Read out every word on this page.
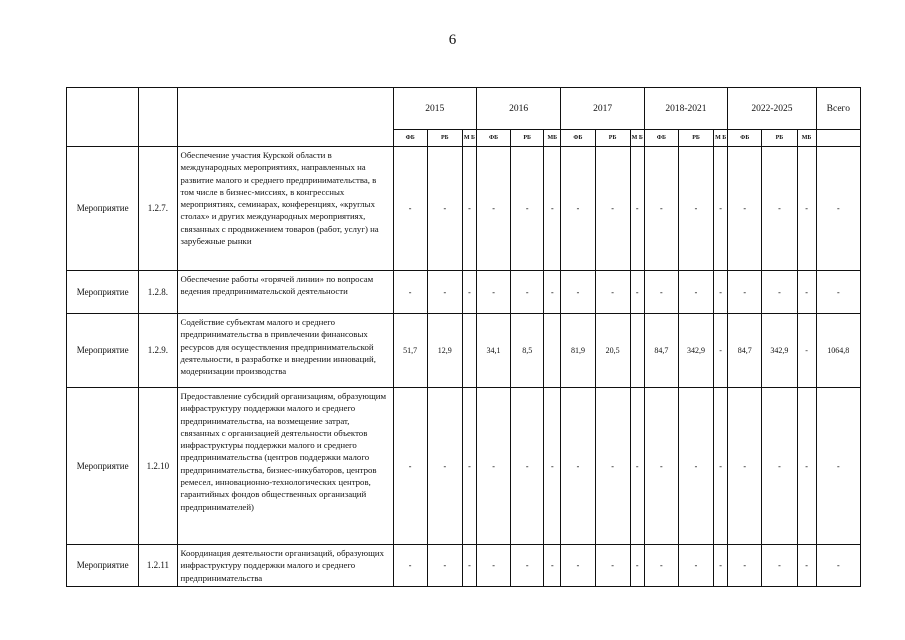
6
			2015			2016			2017			2018-2021			2022-2025			Всего
			ФБ	РБ	М Б	ФБ	РБ	МБ	ФБ	РБ	М Б	ФБ	РБ	М Б	ФБ	РБ	МБ	
Мероприятие	1.2.7.	Обеспечение участия Курской области в международных мероприятиях, направленных на развитие малого и среднего предпринимательства, в том числе в бизнес-миссиях, в конгрессных мероприятиях, семинарах, конференциях, «круглых столах» и других международных мероприятиях, связанных с продвижением товаров (работ, услуг) на зарубежные рынки	-	-	-	-	-	-	-	-	-	-	-	-	-	-	-	-
Мероприятие	1.2.8.	Обеспечение работы «горячей линии» по вопросам ведения предпринимательской деятельности	-	-	-	-	-	-	-	-	-	-	-	-	-	-	-	-
Мероприятие	1.2.9.	Содействие субъектам малого и среднего предпринимательства в привлечении финансовых ресурсов для осуществления предпринимательской деятельности, в разработке и внедрении инноваций, модернизации производства	51,7	12,9		34,1	8,5		81,9	20,5		84,7	342,9	-	84,7	342,9	-	1064,8
Мероприятие	1.2.10	Предоставление субсидий организациям, образующим инфраструктуру поддержки малого и среднего предпринимательства, на возмещение затрат, связанных с организацией деятельности объектов инфраструктуры поддержки малого и среднего предпринимательства (центров поддержки малого предпринимательства, бизнес-инкубаторов, центров ремесел, инновационно-технологических центров, гарантийных фондов общественных организаций предпринимателей)	-	-	-	-	-	-	-	-	-	-	-	-	-	-	-	-
Мероприятие	1.2.11	Координация деятельности организаций, образующих инфраструктуру поддержки малого и среднего предпринимательства	-	-	-	-	-	-	-	-	-	-	-	-	-	-	-	-
